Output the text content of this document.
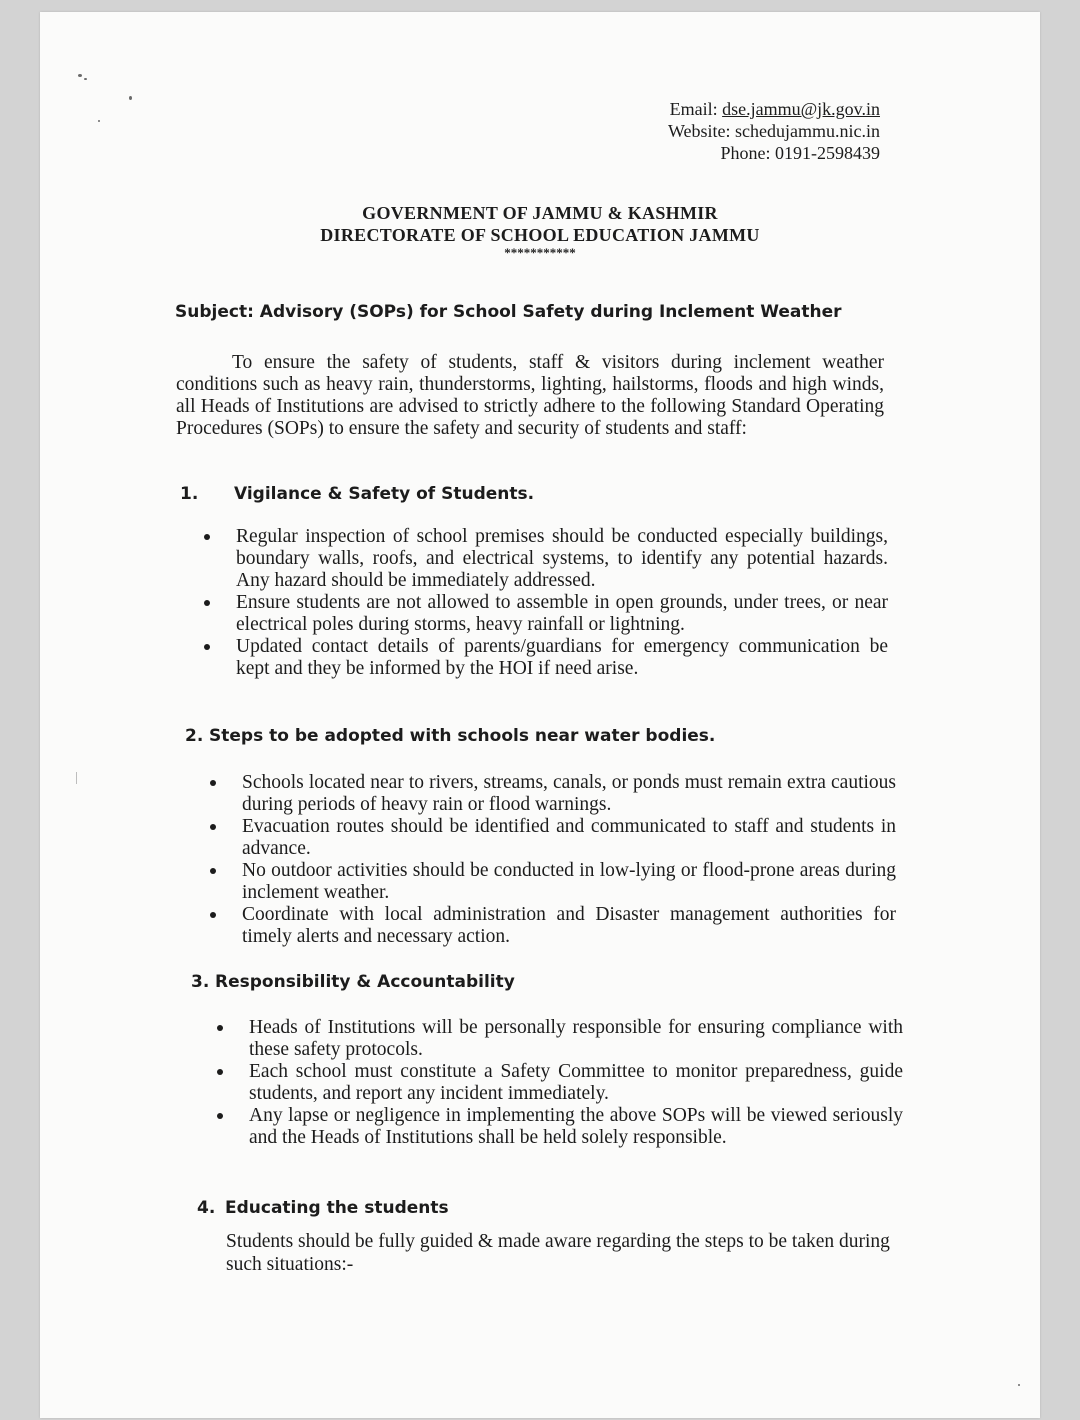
Email: dse.jammu@jk.gov.in
Website: schedujammu.nic.in
Phone: 0191-2598439
GOVERNMENT OF JAMMU & KASHMIR
DIRECTORATE OF SCHOOL EDUCATION JAMMU
***********
Subject: Advisory (SOPs) for School Safety during Inclement Weather
To ensure the safety of students, staff & visitors during inclement weather conditions such as heavy rain, thunderstorms, lighting, hailstorms, floods and high winds, all Heads of Institutions are advised to strictly adhere to the following Standard Operating Procedures (SOPs) to ensure the safety and security of students and staff:
1. Vigilance & Safety of Students.
Regular inspection of school premises should be conducted especially buildings, boundary walls, roofs, and electrical systems, to identify any potential hazards. Any hazard should be immediately addressed.
Ensure students are not allowed to assemble in open grounds, under trees, or near electrical poles during storms, heavy rainfall or lightning.
Updated contact details of parents/guardians for emergency communication be kept and they be informed by the HOI if need arise.
2. Steps to be adopted with schools near water bodies.
Schools located near to rivers, streams, canals, or ponds must remain extra cautious during periods of heavy rain or flood warnings.
Evacuation routes should be identified and communicated to staff and students in advance.
No outdoor activities should be conducted in low-lying or flood-prone areas during inclement weather.
Coordinate with local administration and Disaster management authorities for timely alerts and necessary action.
3. Responsibility & Accountability
Heads of Institutions will be personally responsible for ensuring compliance with these safety protocols.
Each school must constitute a Safety Committee to monitor preparedness, guide students, and report any incident immediately.
Any lapse or negligence in implementing the above SOPs will be viewed seriously and the Heads of Institutions shall be held solely responsible.
4. Educating the students
Students should be fully guided & made aware regarding the steps to be taken during such situations:-
